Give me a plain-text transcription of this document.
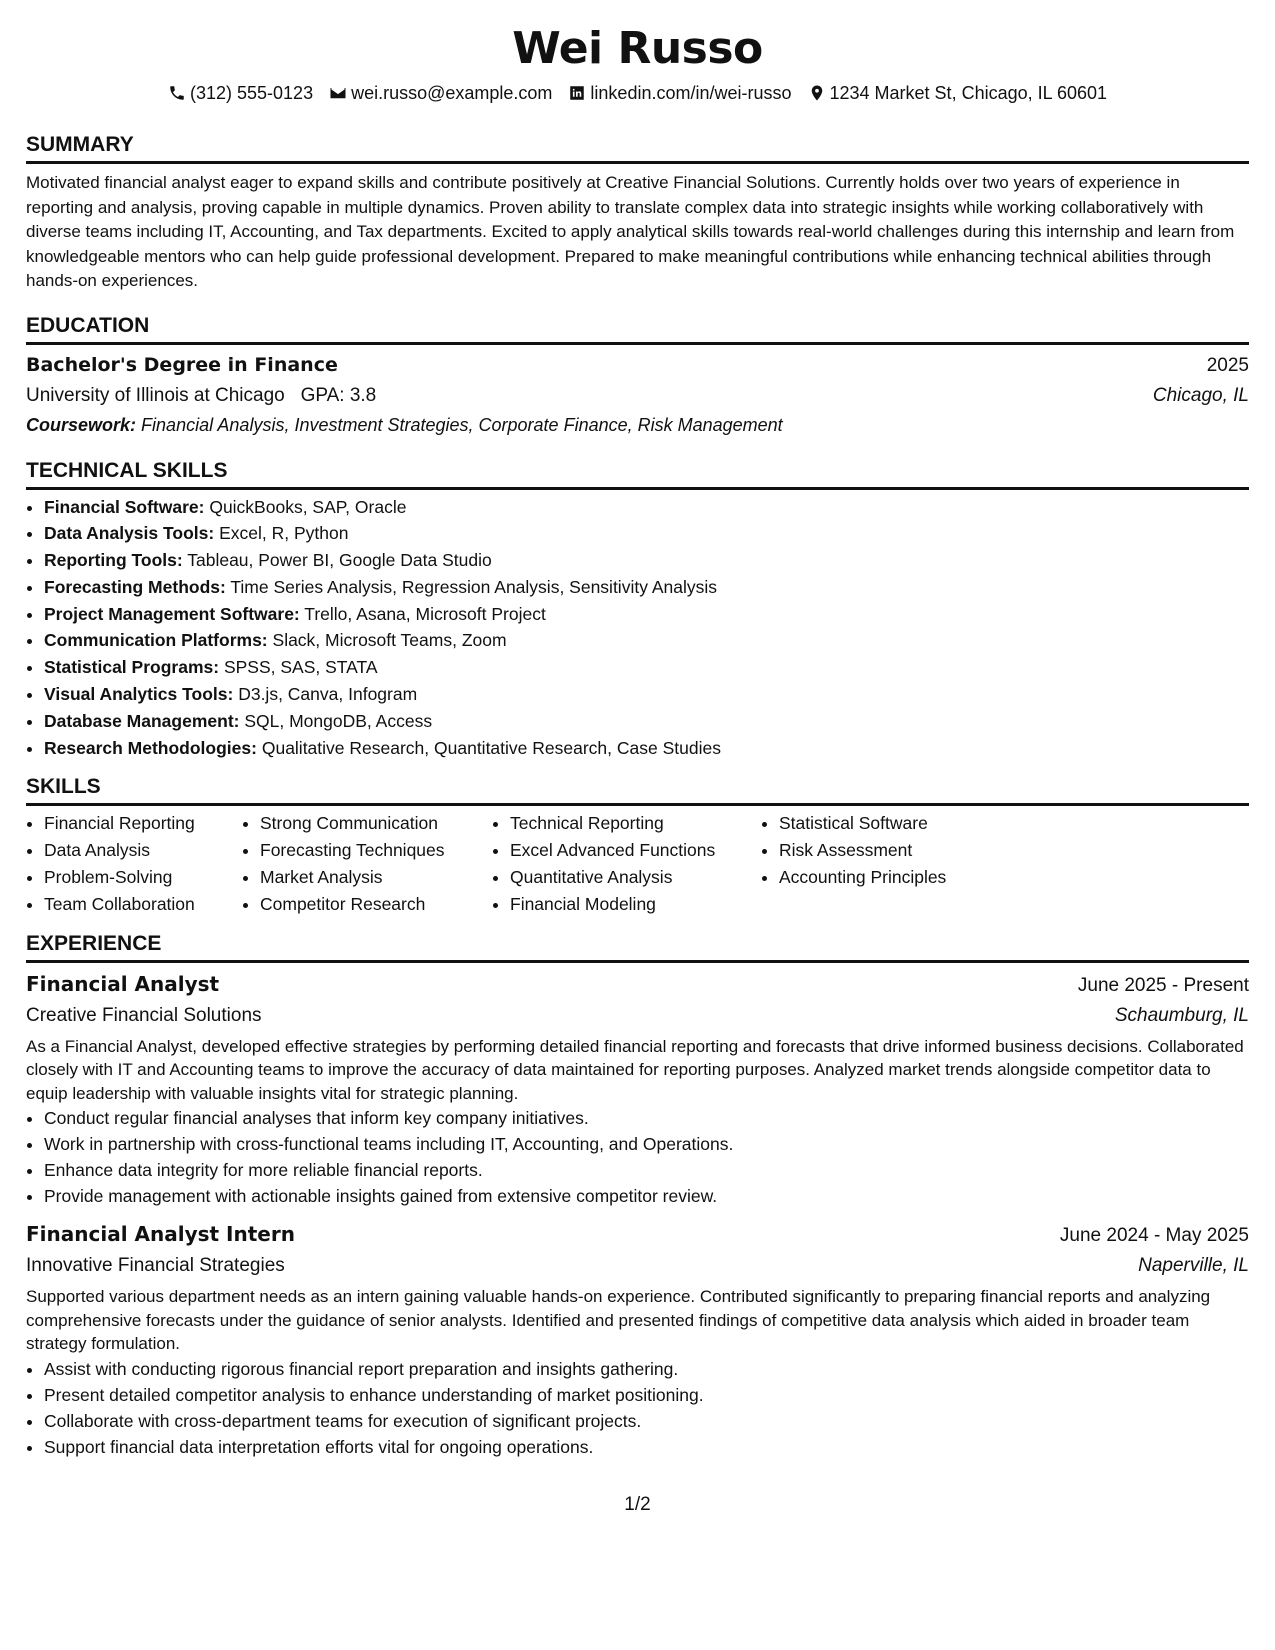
Wei Russo
(312) 555-0123 wei.russo@example.com linkedin.com/in/wei-russo 1234 Market St, Chicago, IL 60601
SUMMARY
Motivated financial analyst eager to expand skills and contribute positively at Creative Financial Solutions. Currently holds over two years of experience in reporting and analysis, proving capable in multiple dynamics. Proven ability to translate complex data into strategic insights while working collaboratively with diverse teams including IT, Accounting, and Tax departments. Excited to apply analytical skills towards real-world challenges during this internship and learn from knowledgeable mentors who can help guide professional development. Prepared to make meaningful contributions while enhancing technical abilities through hands-on experiences.
EDUCATION
Bachelor's Degree in Finance	2025
University of Illinois at Chicago GPA: 3.8	Chicago, IL
Coursework: Financial Analysis, Investment Strategies, Corporate Finance, Risk Management
TECHNICAL SKILLS
• Financial Software: QuickBooks, SAP, Oracle
• Data Analysis Tools: Excel, R, Python
• Reporting Tools: Tableau, Power BI, Google Data Studio
• Forecasting Methods: Time Series Analysis, Regression Analysis, Sensitivity Analysis
• Project Management Software: Trello, Asana, Microsoft Project
• Communication Platforms: Slack, Microsoft Teams, Zoom
• Statistical Programs: SPSS, SAS, STATA
• Visual Analytics Tools: D3.js, Canva, Infogram
• Database Management: SQL, MongoDB, Access
• Research Methodologies: Qualitative Research, Quantitative Research, Case Studies
SKILLS
• Financial Reporting
• Data Analysis
• Problem-Solving
• Team Collaboration
• Strong Communication
• Forecasting Techniques
• Market Analysis
• Competitor Research
• Technical Reporting
• Excel Advanced Functions
• Quantitative Analysis
• Financial Modeling
• Statistical Software
• Risk Assessment
• Accounting Principles
EXPERIENCE
Financial Analyst	June 2025 - Present
Creative Financial Solutions	Schaumburg, IL
As a Financial Analyst, developed effective strategies by performing detailed financial reporting and forecasts that drive informed business decisions. Collaborated closely with IT and Accounting teams to improve the accuracy of data maintained for reporting purposes. Analyzed market trends alongside competitor data to equip leadership with valuable insights vital for strategic planning.
• Conduct regular financial analyses that inform key company initiatives.
• Work in partnership with cross-functional teams including IT, Accounting, and Operations.
• Enhance data integrity for more reliable financial reports.
• Provide management with actionable insights gained from extensive competitor review.
Financial Analyst Intern	June 2024 - May 2025
Innovative Financial Strategies	Naperville, IL
Supported various department needs as an intern gaining valuable hands-on experience. Contributed significantly to preparing financial reports and analyzing comprehensive forecasts under the guidance of senior analysts. Identified and presented findings of competitive data analysis which aided in broader team strategy formulation.
• Assist with conducting rigorous financial report preparation and insights gathering.
• Present detailed competitor analysis to enhance understanding of market positioning.
• Collaborate with cross-department teams for execution of significant projects.
• Support financial data interpretation efforts vital for ongoing operations.
1/2
